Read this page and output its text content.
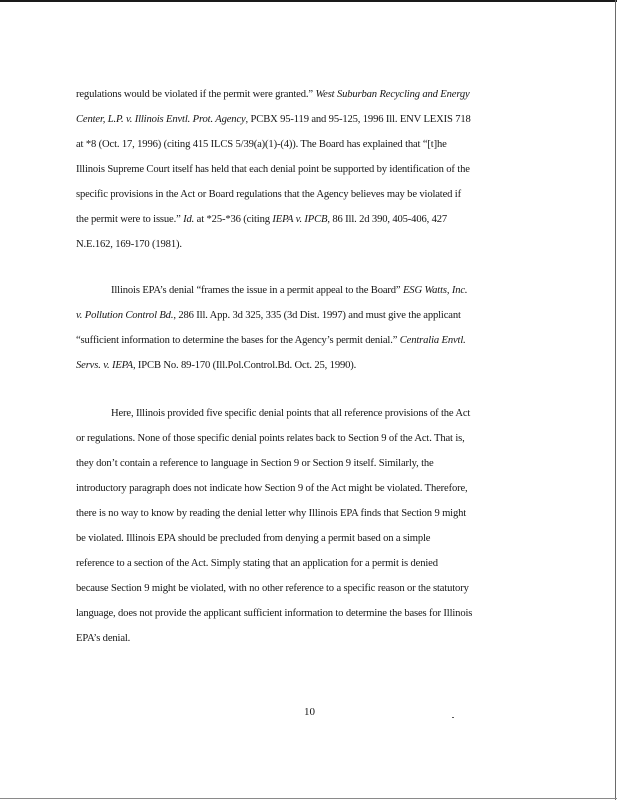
regulations would be violated if the permit were granted.” West Suburban Recycling and Energy
Center, L.P. v. Illinois Envtl. Prot. Agency, PCBX 95-119 and 95-125, 1996 Ill. ENV LEXIS 718
at *8 (Oct. 17, 1996) (citing 415 ILCS 5/39(a)(1)-(4)). The Board has explained that “[t]he
Illinois Supreme Court itself has held that each denial point be supported by identification of the
specific provisions in the Act or Board regulations that the Agency believes may be violated if
the permit were to issue.” Id. at *25-*36 (citing IEPA v. IPCB, 86 Ill. 2d 390, 405-406, 427
N.E.162, 169-170 (1981).
Illinois EPA’s denial “frames the issue in a permit appeal to the Board” ESG Watts, Inc.
v. Pollution Control Bd., 286 Ill. App. 3d 325, 335 (3d Dist. 1997) and must give the applicant
“sufficient information to determine the bases for the Agency’s permit denial.” Centralia Envtl.
Servs. v. IEPA, IPCB No. 89-170 (Ill.Pol.Control.Bd. Oct. 25, 1990).
Here, Illinois provided five specific denial points that all reference provisions of the Act
or regulations. None of those specific denial points relates back to Section 9 of the Act. That is,
they don’t contain a reference to language in Section 9 or Section 9 itself. Similarly, the
introductory paragraph does not indicate how Section 9 of the Act might be violated. Therefore,
there is no way to know by reading the denial letter why Illinois EPA finds that Section 9 might
be violated. Illinois EPA should be precluded from denying a permit based on a simple
reference to a section of the Act. Simply stating that an application for a permit is denied
because Section 9 might be violated, with no other reference to a specific reason or the statutory
language, does not provide the applicant sufficient information to determine the bases for Illinois
EPA’s denial.
10
